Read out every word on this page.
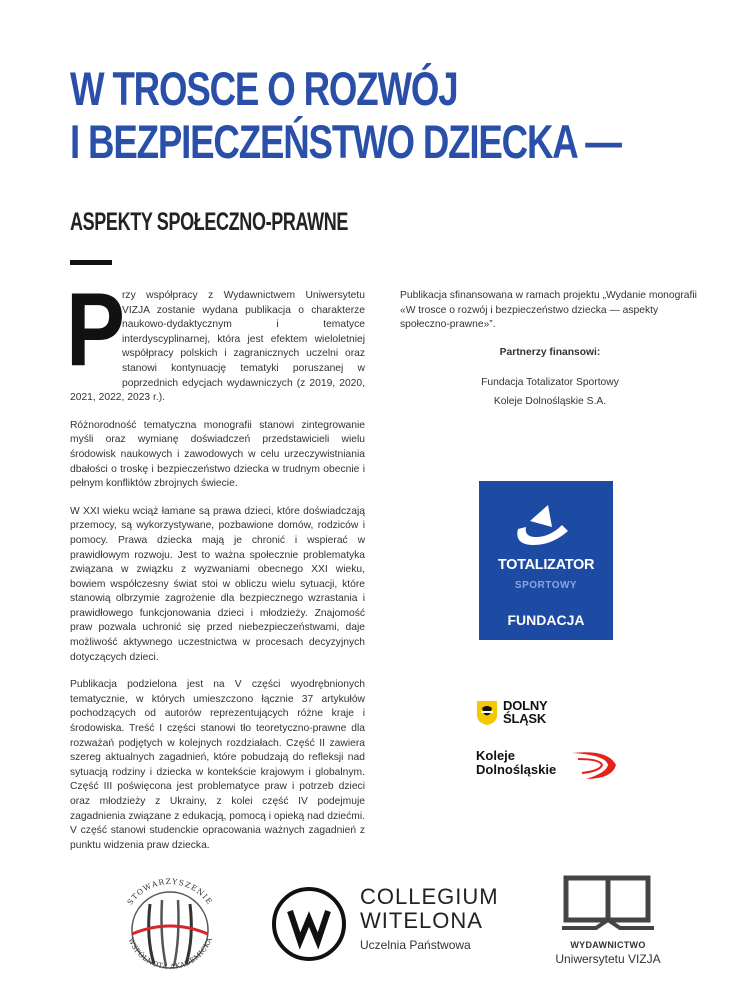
W TROSCE O ROZWÓJ
I BEZPIECZEŃSTWO DZIECKA —
ASPEKTY SPOŁECZNO-PRAWNE

P
rzy współpracy z Wydawnictwem Uniwersytetu VIZJA zostanie wydana publikacja o charakterze naukowo-dydaktycznym i tematyce interdyscyplinarnej, która jest efektem wieloletniej współpracy polskich i zagranicznych uczelni oraz stanowi kontynuację tematyki poruszanej w poprzednich edycjach wydawniczych (z 2019, 2020, 2021, 2022, 2023 r.).

Różnorodność tematyczna monografii stanowi zintegrowanie myśli oraz wymianę doświadczeń przedstawicieli wielu środowisk naukowych i zawodowych w celu urzeczywistniania dbałości o troskę i bezpieczeństwo dziecka w trudnym obecnie i pełnym konfliktów zbrojnych świecie.

W XXI wieku wciąż łamane są prawa dzieci, które doświadczają przemocy, są wykorzystywane, pozbawione domów, rodziców i pomocy. Prawa dziecka mają je chronić i wspierać w prawidłowym rozwoju. Jest to ważna społecznie problematyka związana w związku z wyzwaniami obecnego XXI wieku, bowiem współczesny świat stoi w obliczu wielu sytuacji, które stanowią olbrzymie zagrożenie dla bezpiecznego wzrastania i prawidłowego funkcjonowania dzieci i młodzieży. Znajomość praw pozwala uchronić się przed niebezpieczeństwami, daje możliwość aktywnego uczestnictwa w procesach decyzyjnych dotyczących dzieci.

Publikacja podzielona jest na V części wyodrębnionych tematycznie, w których umieszczono łącznie 37 artykułów pochodzących od autorów reprezentujących różne kraje i środowiska. Treść I części stanowi tło teoretyczno-prawne dla rozważań podjętych w kolejnych rozdziałach. Część II zawiera szereg aktualnych zagadnień, które pobudzają do refleksji nad sytuacją rodziny i dziecka w kontekście krajowym i globalnym. Część III poświęcona jest problematyce praw i potrzeb dzieci oraz młodzieży z Ukrainy, z kolei część IV podejmuje zagadnienia związane z edukacją, pomocą i opieką nad dziećmi. V część stanowi studenckie opracowania ważnych zagadnień z punktu widzenia praw dziecka.

Publikacja sfinansowana w ramach projektu „Wydanie monografii «W trosce o rozwój i bezpieczeństwo dziecka — aspekty społeczno-prawne»”.

Partnerzy finansowi:

Fundacja Totalizator Sportowy
Koleje Dolnośląskie S.A.
TOTALIZATOR
SPORTOWY
FUNDACJA
DOLNY
ŚLĄSK
Koleje
Dolnośląskie
STOWARZYSZENIE
WSPÓLNOTA AKADEMICKA
COLLEGIUM
WITELONA
Uczelnia Państwowa	WYDAWNICTWO
Uniwersytetu VIZJA
